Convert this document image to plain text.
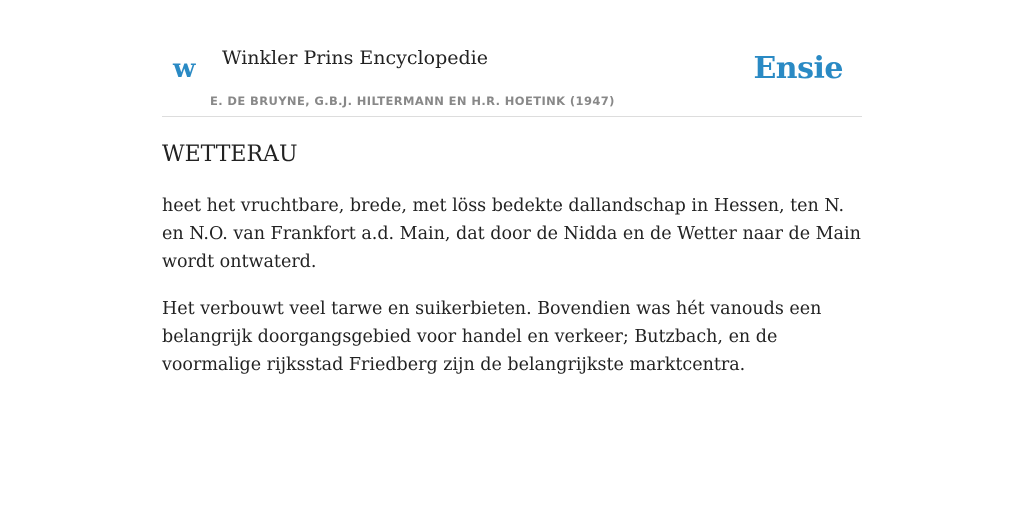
w Winkler Prins Encyclopedie
E. DE BRUYNE, G.B.J. HILTERMANN EN H.R. HOETINK (1947)
Ensie
WETTERAU

heet het vruchtbare, brede, met löss bedekte dallandschap in Hessen, ten N. en N.O. van Frankfort a.d. Main, dat door de Nidda en de Wetter naar de Main wordt ontwaterd.

Het verbouwt veel tarwe en suikerbieten. Bovendien was hét vanouds een belangrijk doorgangsgebied voor handel en verkeer; Butzbach, en de voormalige rijksstad Friedberg zijn de belangrijkste marktcentra.
